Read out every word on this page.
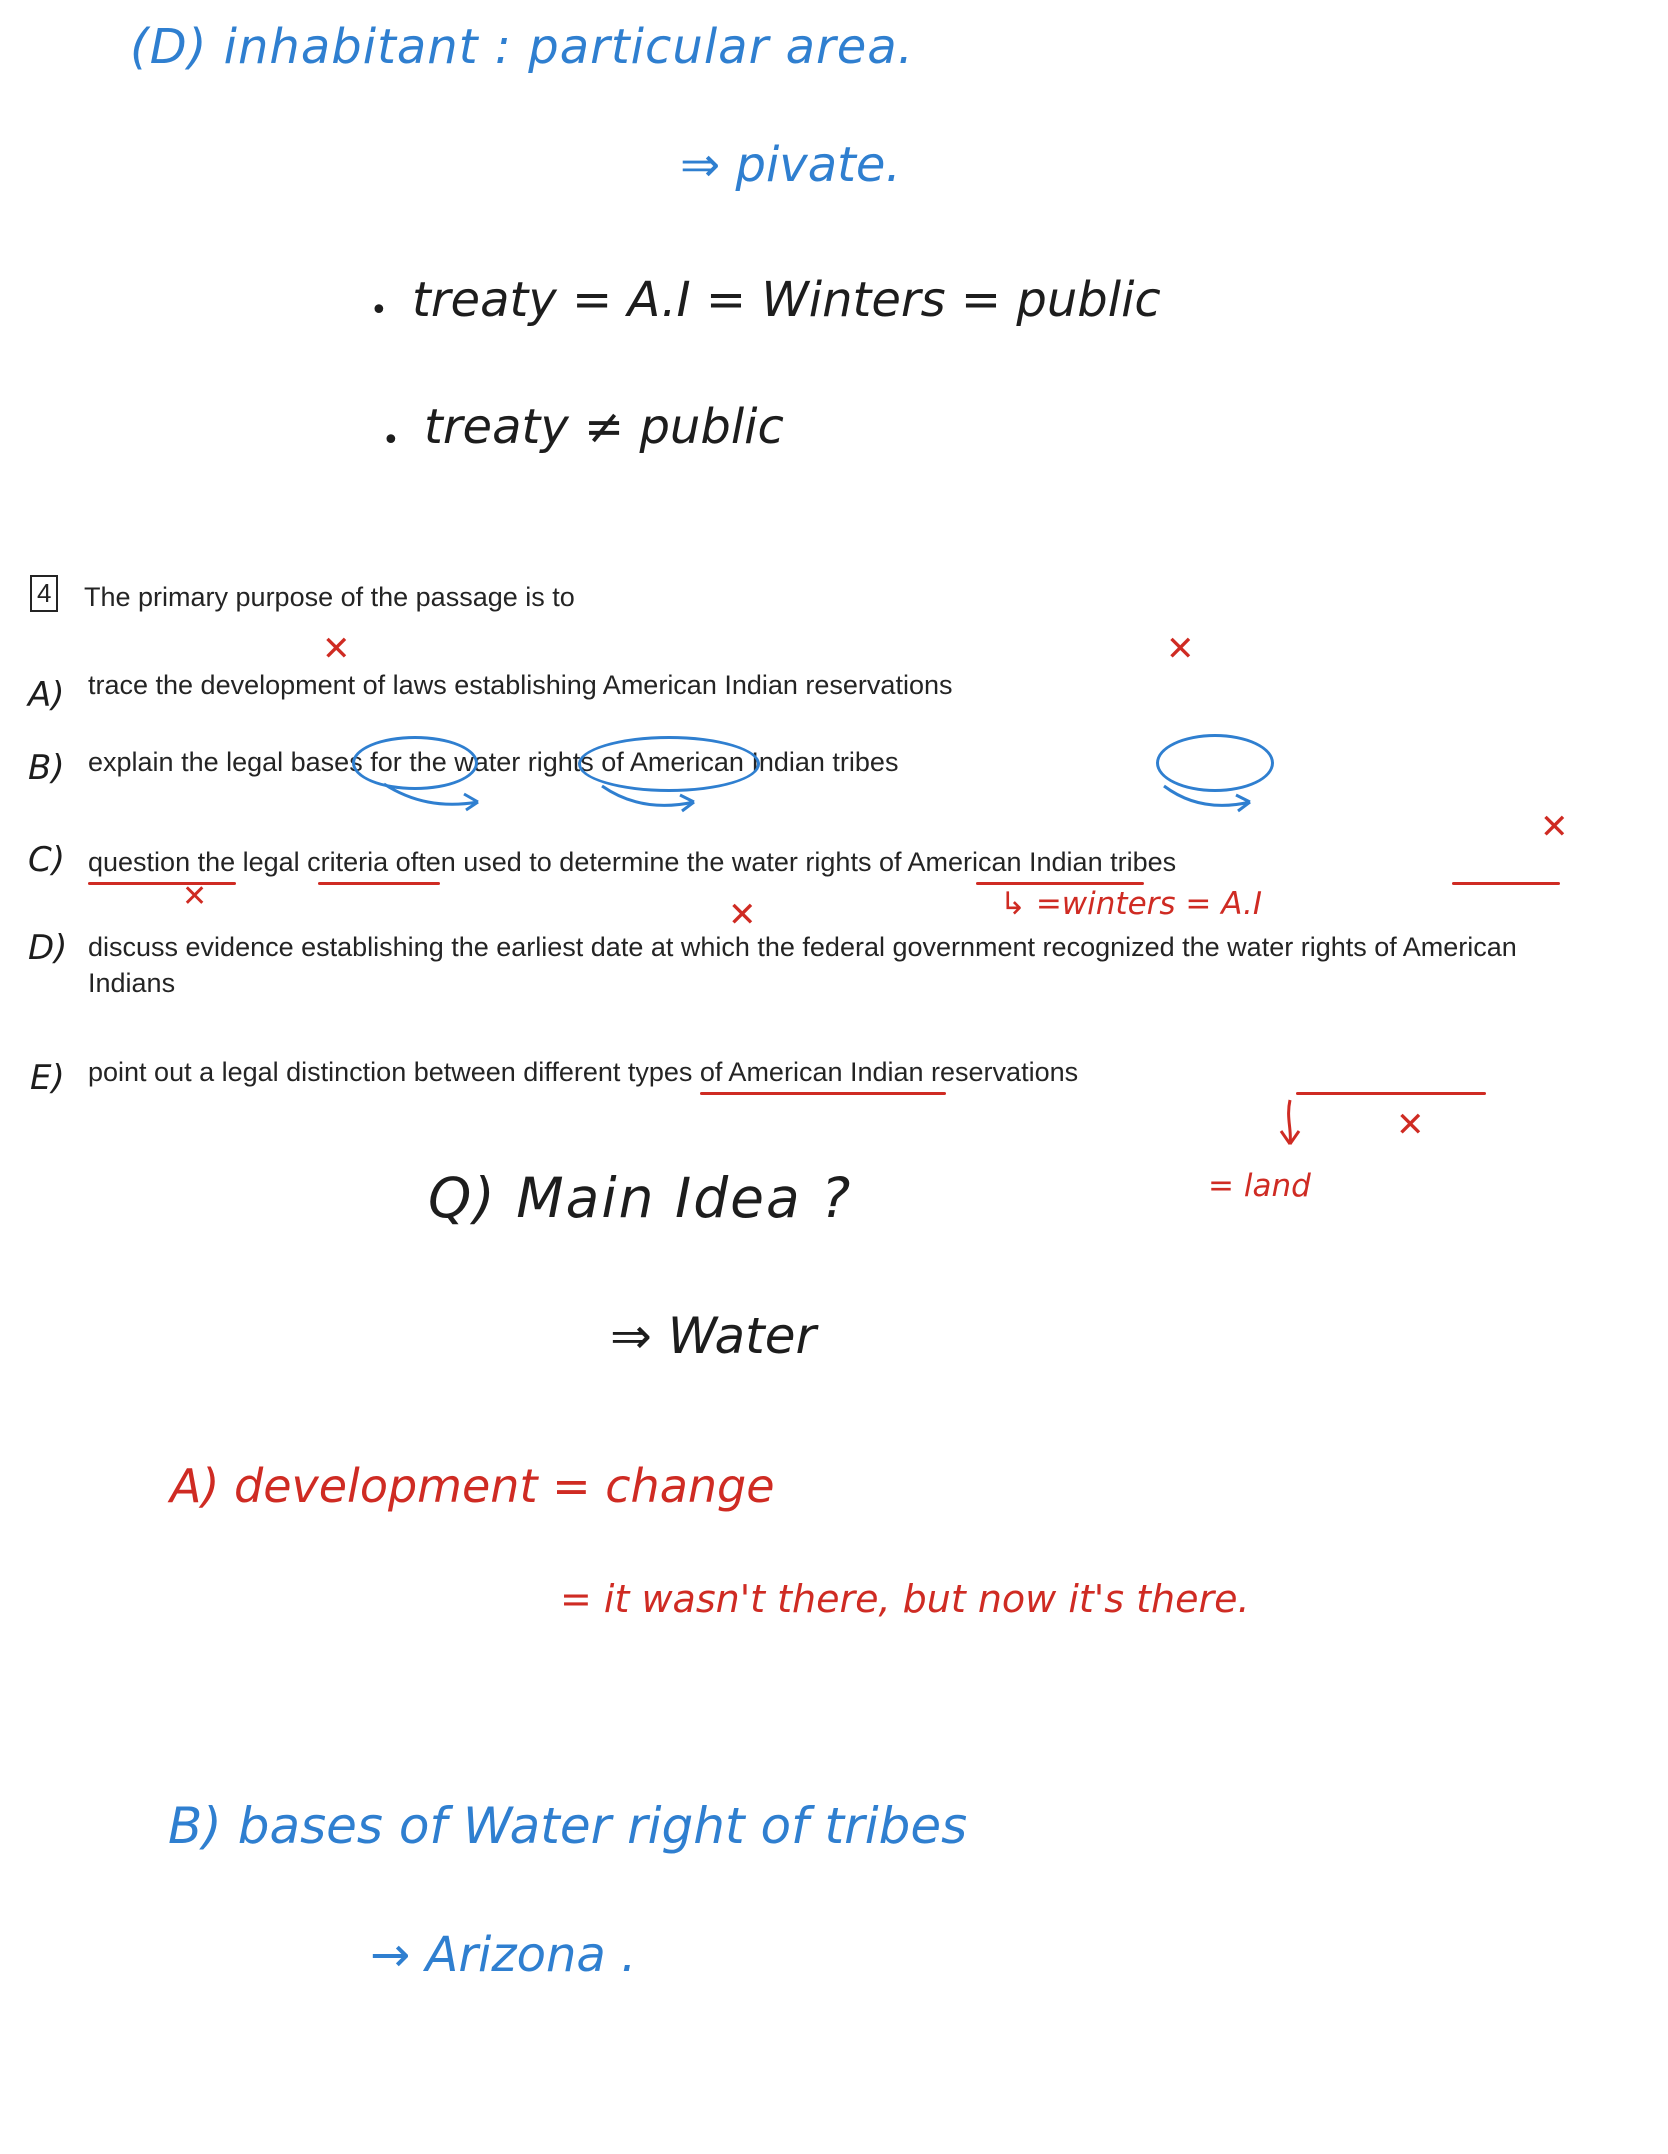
(D) inhabitant : particular area.
⇒ pivate.
• treaty = A.I = Winters = public
• treaty ≠ public
4 The primary purpose of the passage is to
A) trace the development of laws establishing American Indian reservations
✕	✕
B) explain the legal bases for the water rights of American Indian tribes
C) question the legal criteria often used to determine the water rights of American Indian tribes
✕
✕
↳ =winters = A.I
D) discuss evidence establishing the earliest date at which the federal government recognized the water rights of American Indians
✕
E) point out a legal distinction between different types of American Indian reservations
✕
= land
Q) Main Idea ?
⇒ Water
A) development = change
= it wasn't there, but now it's there.
B) bases of Water right of tribes
→ Arizona .
